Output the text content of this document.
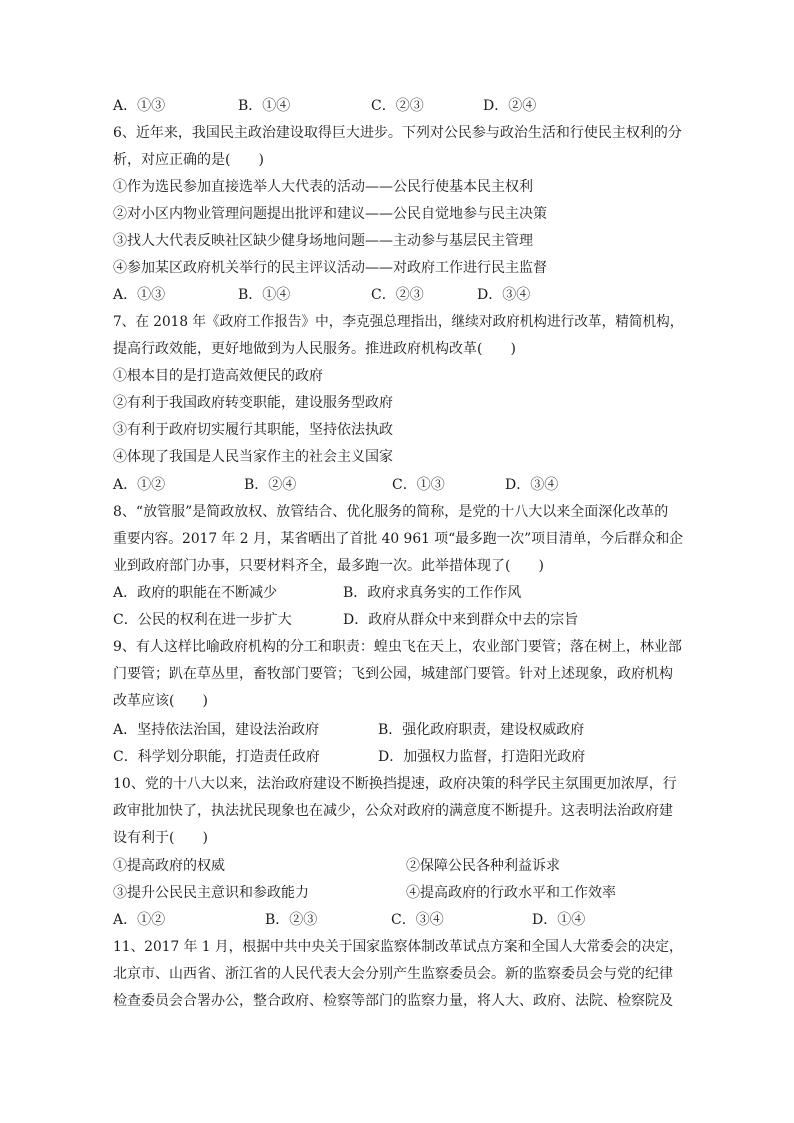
A．①③	B．①④	C．②③	D．②④
6、近年来，我国民主政治建设取得巨大进步。下列对公民参与政治生活和行使民主权利的分
析，对应正确的是(　　)
①作为选民参加直接选举人大代表的活动——公民行使基本民主权利
②对小区内物业管理问题提出批评和建议——公民自觉地参与民主决策
③找人大代表反映社区缺少健身场地问题——主动参与基层民主管理
④参加某区政府机关举行的民主评议活动——对政府工作进行民主监督
A．①③	B．①④	C．②③	D．③④
7、在 2018 年《政府工作报告》中，李克强总理指出，继续对政府机构进行改革，精简机构，
提高行政效能，更好地做到为人民服务。推进政府机构改革(　　)
①根本目的是打造高效便民的政府
②有利于我国政府转变职能，建设服务型政府
③有利于政府切实履行其职能，坚持依法执政
④体现了我国是人民当家作主的社会主义国家
A．①②	B．②④	C．①③	D．③④
8、“放管服”是简政放权、放管结合、优化服务的简称，是党的十八大以来全面深化改革的
重要内容。2017 年 2 月，某省晒出了首批 40 961 项“最多跑一次”项目清单，今后群众和企
业到政府部门办事，只要材料齐全，最多跑一次。此举措体现了(　　)
A．政府的职能在不断减少	B．政府求真务实的工作作风
C．公民的权利在进一步扩大	D．政府从群众中来到群众中去的宗旨
9、有人这样比喻政府机构的分工和职责：蝗虫飞在天上，农业部门要管；落在树上，林业部
门要管；趴在草丛里，畜牧部门要管；飞到公园，城建部门要管。针对上述现象，政府机构
改革应该(　　)
A．坚持依法治国，建设法治政府	B．强化政府职责，建设权威政府
C．科学划分职能，打造责任政府	D．加强权力监督，打造阳光政府
10、党的十八大以来，法治政府建设不断换挡提速，政府决策的科学民主氛围更加浓厚，行
政审批加快了，执法扰民现象也在减少，公众对政府的满意度不断提升。这表明法治政府建
设有利于(　　)
①提高政府的权威	②保障公民各种利益诉求
③提升公民民主意识和参政能力	④提高政府的行政水平和工作效率
A．①②	B．②③	C．③④	D．①④
11、2017 年 1 月，根据中共中央关于国家监察体制改革试点方案和全国人大常委会的决定，
北京市、山西省、浙江省的人民代表大会分别产生监察委员会。新的监察委员会与党的纪律
检查委员会合署办公，整合政府、检察等部门的监察力量，将人大、政府、法院、检察院及
